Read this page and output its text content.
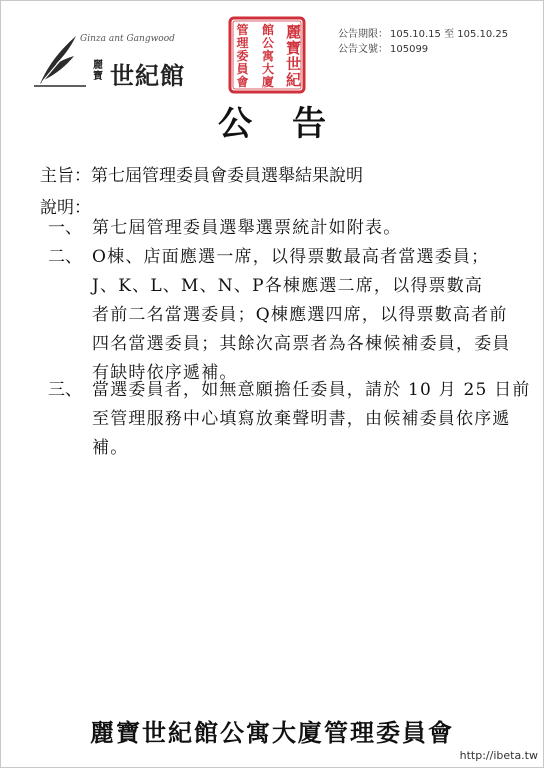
Ginza ant Gangwood
麗寶 世紀館
麗
寶
世
紀
館
公
寓
大
廈
管
理
委
員
會
公告期限： 105.10.15 至 105.10.25
公告文號： 105099
公告
主旨：第七屆管理委員會委員選舉結果說明
說明：
一、 第七屆管理委員選舉選票統計如附表。
二、 O棟、店面應選一席，以得票數最高者當選委員；
J、K、L、M、N、P各棟應選二席，以得票數高
者前二名當選委員；Q棟應選四席，以得票數高者前
四名當選委員；其餘次高票者為各棟候補委員，委員
有缺時依序遞補。
三、 當選委員者，如無意願擔任委員，請於 10 月 25 日前
至管理服務中心填寫放棄聲明書，由候補委員依序遞
補。
麗寶世紀館公寓大廈管理委員會
http://ibeta.tw
